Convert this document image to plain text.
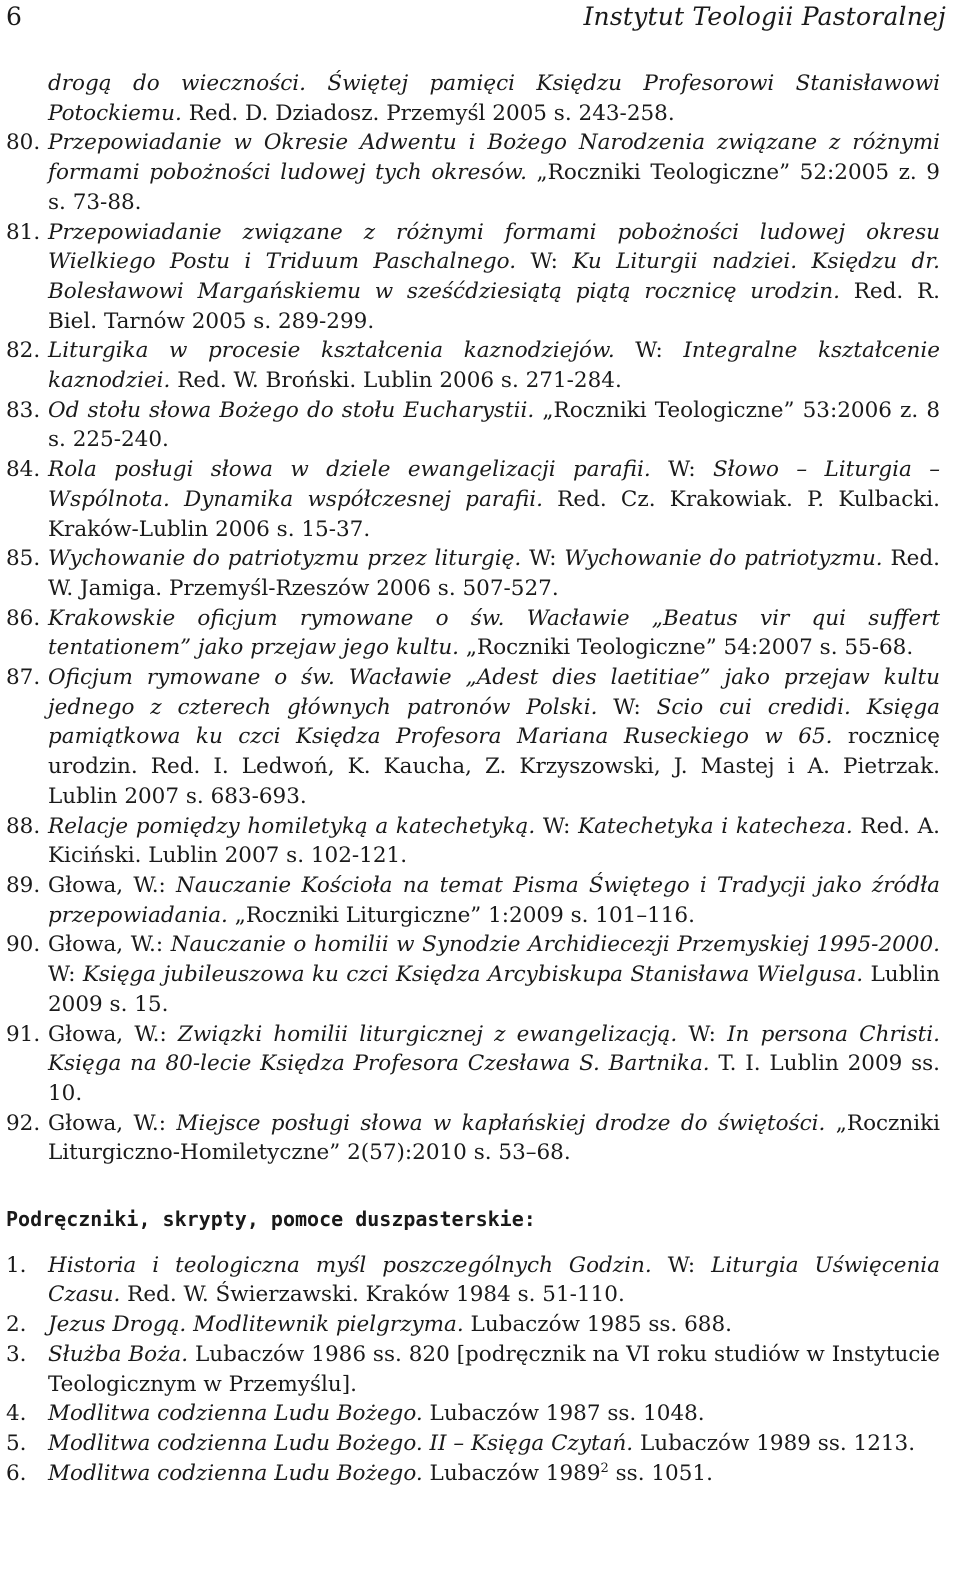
6	Instytut Teologii Pastoralnej
drogą do wieczności. Świętej pamięci Księdzu Profesorowi Stanisławowi Potockiemu. Red. D. Dziadosz. Przemyśl 2005 s. 243-258.
80. Przepowiadanie w Okresie Adwentu i Bożego Narodzenia związane z różnymi formami pobożności ludowej tych okresów. „Roczniki Teologiczne” 52:2005 z. 9 s. 73-88.
81. Przepowiadanie związane z różnymi formami pobożności ludowej okresu Wielkiego Postu i Triduum Paschalnego. W: Ku Liturgii nadziei. Księdzu dr. Bolesławowi Margańskiemu w sześćdziesiątą piątą rocznicę urodzin. Red. R. Biel. Tarnów 2005 s. 289-299.
82. Liturgika w procesie kształcenia kaznodziejów. W: Integralne kształcenie kaznodziei. Red. W. Broński. Lublin 2006 s. 271-284.
83. Od stołu słowa Bożego do stołu Eucharystii. „Roczniki Teologiczne” 53:2006 z. 8 s. 225-240.
84. Rola posługi słowa w dziele ewangelizacji parafii. W: Słowo – Liturgia – Wspólnota. Dynamika współczesnej parafii. Red. Cz. Krakowiak. P. Kulbacki. Kraków-Lublin 2006 s. 15-37.
85. Wychowanie do patriotyzmu przez liturgię. W: Wychowanie do patriotyzmu. Red. W. Jamiga. Przemyśl-Rzeszów 2006 s. 507-527.
86. Krakowskie oficjum rymowane o św. Wacławie „Beatus vir qui suffert tentationem” jako przejaw jego kultu. „Roczniki Teologiczne” 54:2007 s. 55-68.
87. Oficjum rymowane o św. Wacławie „Adest dies laetitiae” jako przejaw kultu jednego z czterech głównych patronów Polski. W: Scio cui credidi. Księga pamiątkowa ku czci Księdza Profesora Mariana Ruseckiego w 65. rocznicę urodzin. Red. I. Ledwoń, K. Kaucha, Z. Krzyszowski, J. Mastej i A. Pietrzak. Lublin 2007 s. 683-693.
88. Relacje pomiędzy homiletyką a katechetyką. W: Katechetyka i katecheza. Red. A. Kiciński. Lublin 2007 s. 102-121.
89. Głowa, W.: Nauczanie Kościoła na temat Pisma Świętego i Tradycji jako źródła przepowiadania. „Roczniki Liturgiczne” 1:2009 s. 101–116.
90. Głowa, W.: Nauczanie o homilii w Synodzie Archidiecezji Przemyskiej 1995-2000. W: Księga jubileuszowa ku czci Księdza Arcybiskupa Stanisława Wielgusa. Lublin 2009 s. 15.
91. Głowa, W.: Związki homilii liturgicznej z ewangelizacją. W: In persona Christi. Księga na 80-lecie Księdza Profesora Czesława S. Bartnika. T. I. Lublin 2009 ss. 10.
92. Głowa, W.: Miejsce posługi słowa w kapłańskiej drodze do świętości. „Roczniki Liturgiczno-Homiletyczne” 2(57):2010 s. 53–68.
Podręczniki, skrypty, pomoce duszpasterskie:
1. Historia i teologiczna myśl poszczególnych Godzin. W: Liturgia Uświęcenia Czasu. Red. W. Świerzawski. Kraków 1984 s. 51-110.
2. Jezus Drogą. Modlitewnik pielgrzyma. Lubaczów 1985 ss. 688.
3. Służba Boża. Lubaczów 1986 ss. 820 [podręcznik na VI roku studiów w Instytucie Teologicznym w Przemyślu].
4. Modlitwa codzienna Ludu Bożego. Lubaczów 1987 ss. 1048.
5. Modlitwa codzienna Ludu Bożego. II – Księga Czytań. Lubaczów 1989 ss. 1213.
6. Modlitwa codzienna Ludu Bożego. Lubaczów 1989$^2$ ss. 1051.
